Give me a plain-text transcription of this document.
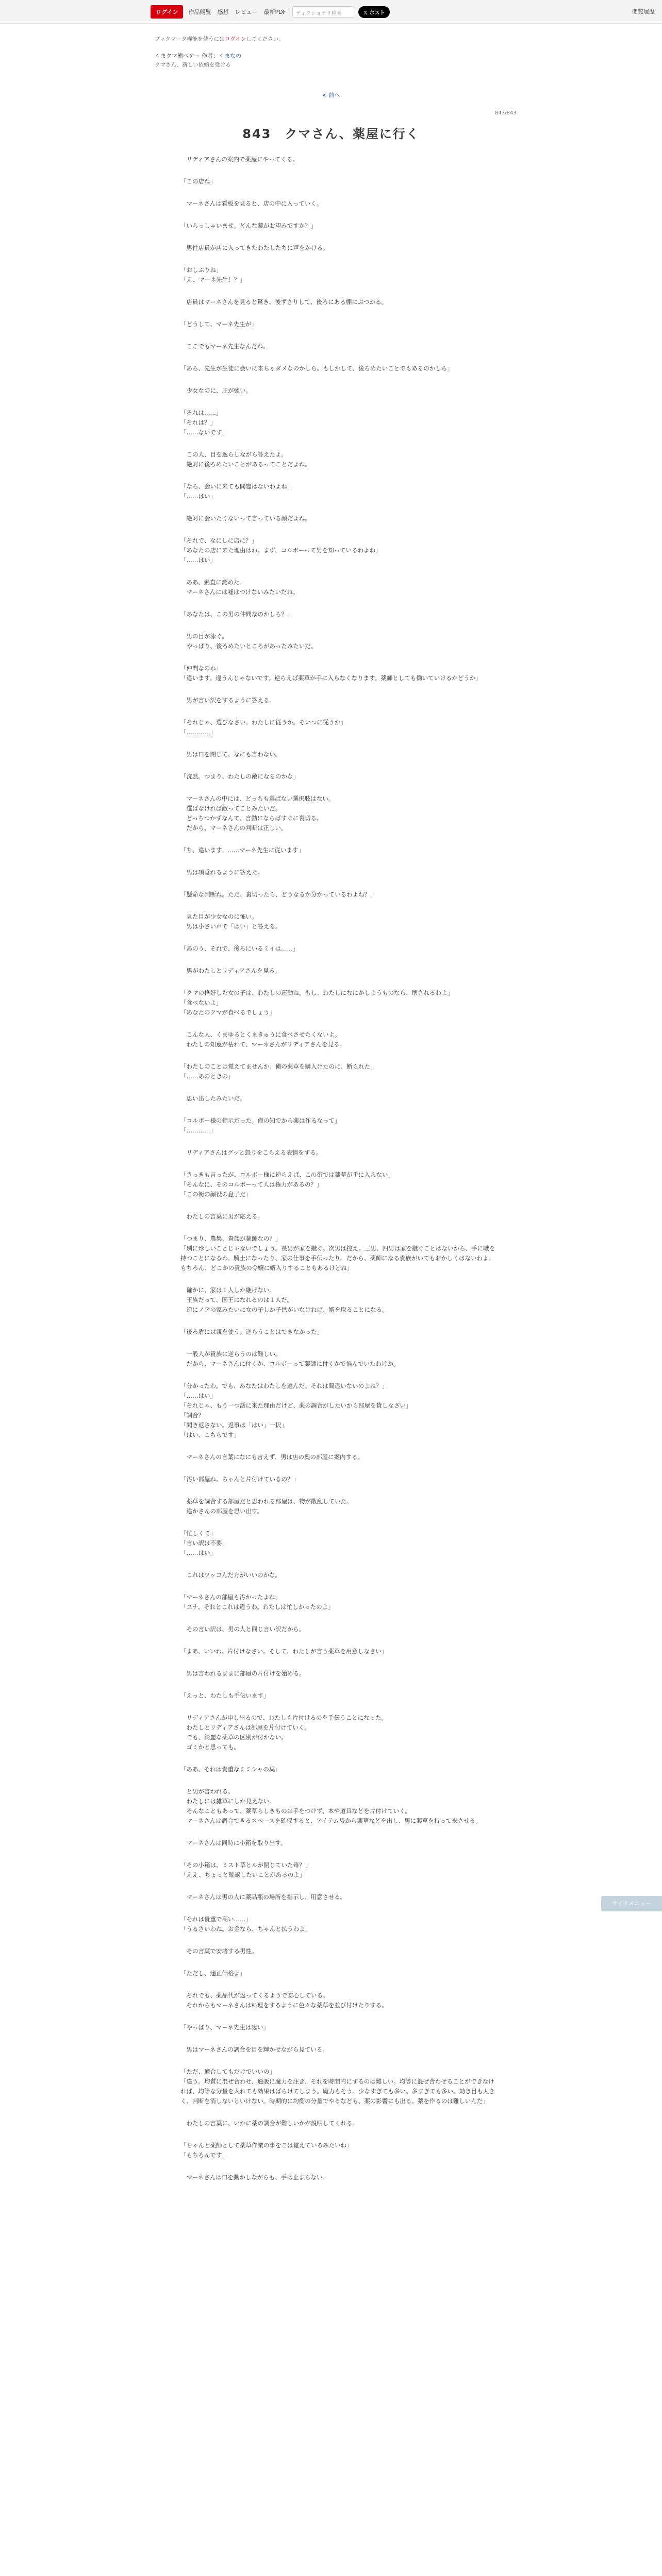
ログイン	作品閲覧 感想 レビュー 最新PDF	ディクショナリ検索	𝕏 ポスト	閲覧履歴
ブックマーク機能を使うにはログインしてください。
くまクマ熊ベアー 作者：くまなの
クマさん、新しい依頼を受ける
< 前へ
843/843
843　クマさん、薬屋に行く
　リディアさんの案内で薬屋にやってくる。
「この店ね」
　マーネさんは看板を見ると、店の中に入っていく。
「いらっしゃいませ。どんな薬がお望みですか？」
　男性店員が店に入ってきたわたしたちに声をかける。
「おしぶりね」
「え、マーネ先生！？」
　店員はマーネさんを見ると驚き、後ずさりして、後ろにある棚にぶつかる。
「どうして、マーネ先生が」
　ここでもマーネ先生なんだね。
「あら、先生が生徒に会いに来ちゃダメなのかしら。もしかして、後ろめたいことでもあるのかしら」
　少女なのに、圧が強い。
「それは……」
「それは？」
「……ないです」
　この人、目を逸らしながら答えたよ。
　絶対に後ろめたいことがあるってことだよね。
「なら、会いに来ても問題はないわよね」
「……はい」
　絶対に会いたくないって言っている顔だよね。
「それで、なにしに店に？」
「あなたの店に来た理由はね。まず、コルボーって男を知っているわよね」
「……はい」
　ああ、素直に認めた。
　マーネさんには嘘はつけないみたいだね。
「あなたは、この男の仲間なのかしら？」
　男の目が泳ぐ。
　やっぱり、後ろめたいところがあったみたいだ。
「仲間なのね」
「違います。違うんじゃないです。逆らえば薬草が手に入らなくなります。薬師としても働いていけるかどうか」
　男が言い訳をするように答える。
「それじゃ、選びなさい。わたしに従うか。そいつに従うか」
「…………」
　男は口を閉じて、なにも言わない。
「沈黙。つまり、わたしの敵になるのかな」
　マーネさんの中には、どっちも選ばない選択肢はない。
　選ばなければ敵ってことみたいだ。
　どっちつかずなんて、言動にならばすぐに裏切る。
　だから、マーネさんの判断は正しい。
「ち、違います。……マーネ先生に従います」
　男は項垂れるように答えた。
「懸命な判断ね。ただ、裏切ったら、どうなるか分かっているわよね？」
　見た目が少女なのに怖い。
　男は小さい声で「はい」と答える。
「あのう、それで、後ろにいるミイは……」
　男がわたしとリディアさんを見る。
「クマの格好した女の子は、わたしの運動ね。もし、わたしになにかしようものなら、壊されるわよ」
「食べないよ」
「あなたのクマが食べるでしょう」
　こんな人、くまゆるとくまきゅうに食べさせたくないよ。
　わたしの知恵が枯れて、マーネさんがリディアさんを見る。
「わたしのことは覚えてませんか。俺の薬草を購入けたのに、断られた」
「……あのときの」
　思い出したみたいだ。
「コルボー様の指示だった。俺の知でから薬は作るなって」
「…………」
　リディアさんはグッと怒りをこらえる表情をする。
「さっきも言ったが、コルボー様に逆らえば、この街では薬草が手に入らない」
「そんなに、そのコルボーって人は権力があるの？」
「この街の顔役の息子だ」
　わたしの言葉に男が応える。
「つまり、農集、貴族が薬師なの？」
「別に珍しいことじゃないでしょう。長男が家を継ぐ。次男は控え。三男、四男は家を継ぐことはないから、手に職を持つことになるわ。騎士になったり、家の仕事を手伝ったり。だから、薬師になる貴族がいてもおかしくはないわよ。もちろん、どこかの貴族の令嬢に婿入りすることもあるけどね」
　確かに、家は１人しか継げない。
　王族だって、国王になれるのは１人だ。
　逆にノアの家みたいに女の子しか子供がいなければ、婿を取ることになる。
「後ろ盾には親を使う。逆らうことはできなかった」
　一般人が貴族に逆らうのは難しい。
　だから、マーネさんに付くか、コルボーって薬師に付くかで悩んでいたわけか。
「分かったわ。でも、あなたはわたしを選んだ。それは間違いないのよね？」
「……はい」
「それじゃ、もう一つ話に来た理由だけど、薬の調合がしたいから部屋を貸しなさい」
「調合？」
「聞き返さない。返事は「はい」一択」
「はい、こちらです」
　マーネさんの言葉になにも言えず、男は店の奥の部屋に案内する。
「汚い部屋ね。ちゃんと片付けているの？」
　薬草を調合する部屋だと思われる部屋は、物が散乱していた。
　違かさんの部屋を思い出す。
「忙しくて」
「言い訳は不要」
「……はい」
　これはツッコんだ方がいいのかな。
「マーネさんの部屋も汚かったよね」
「ユナ、それとこれは違うわ。わたしは忙しかったのよ」
　その言い訳は、男の人と同じ言い訳だから。
「まあ、いいわ。片付けなさい。そして、わたしが言う薬草を用意しなさい」
　男は言われるままに部屋の片付けを始める。
「えっと、わたしも手伝います」
　リディアさんが申し出るので、わたしも片付けるのを手伝うことになった。
　わたしとリディアさんは部屋を片付けていく。
　でも、綺麗な薬草の区別が付かない。
　ゴミかと思っても。
「ああ、それは貴重なミミシャの葉」
　と男が言われる。
　わたしには雑草にしか見えない。
　そんなこともあって、薬草らしきものは手をつけず、本や道具などを片付けていく。
　マーネさんは調合できるスペースを確保すると、アイテム袋から薬草などを出し、男に薬草を持って来させる。
　マーネさんは同時に小箱を取り出す。
「その小箱は、ミスト草とルが閉じていた毒？」
「ええ、ちょっと確認したいことがあるのよ」
　マーネさんは男の人に薬品瓶の場所を指示し、用意させる。
「それは貴重で高い……」
「うるさいわね。お金なら、ちゃんと払うわよ」
　その言葉で安堵する男性。
「ただし、適正価格よ」
　それでも、薬品代が返ってくるようで安心している。
　それからもマーネさんは料理をするように色々な薬草を並び付けたりする。
「やっぱり、マーネ先生は凄い」
　男はマーネさんの調合を目を輝かせながら見ている。
「ただ、適合してもだけでいいの」
「違う。均質に混ぜ合わせ、通販に魔力を注ぎ、それを時間内にするのは難しい。均等に混ぜ合わせることができなければ、均等な分量を入れても効果はばらけてしまう。魔力もそう。少なすぎても多い。多すぎても多い。効き目も大きく、判断を消しないといけない。時期的に均衡の分量でやるなども、薬の影響にも出る。薬を作るのは難しいんだ」
　わたしの言葉に、いかに薬の調合が難しいかが説明してくれる。
「ちゃんと薬師として薬草作業の事をこは覚えているみたいね」
「もちろんです」
　マーネさんは口を動かしながらも、手は止まらない。
サイドメニュー
